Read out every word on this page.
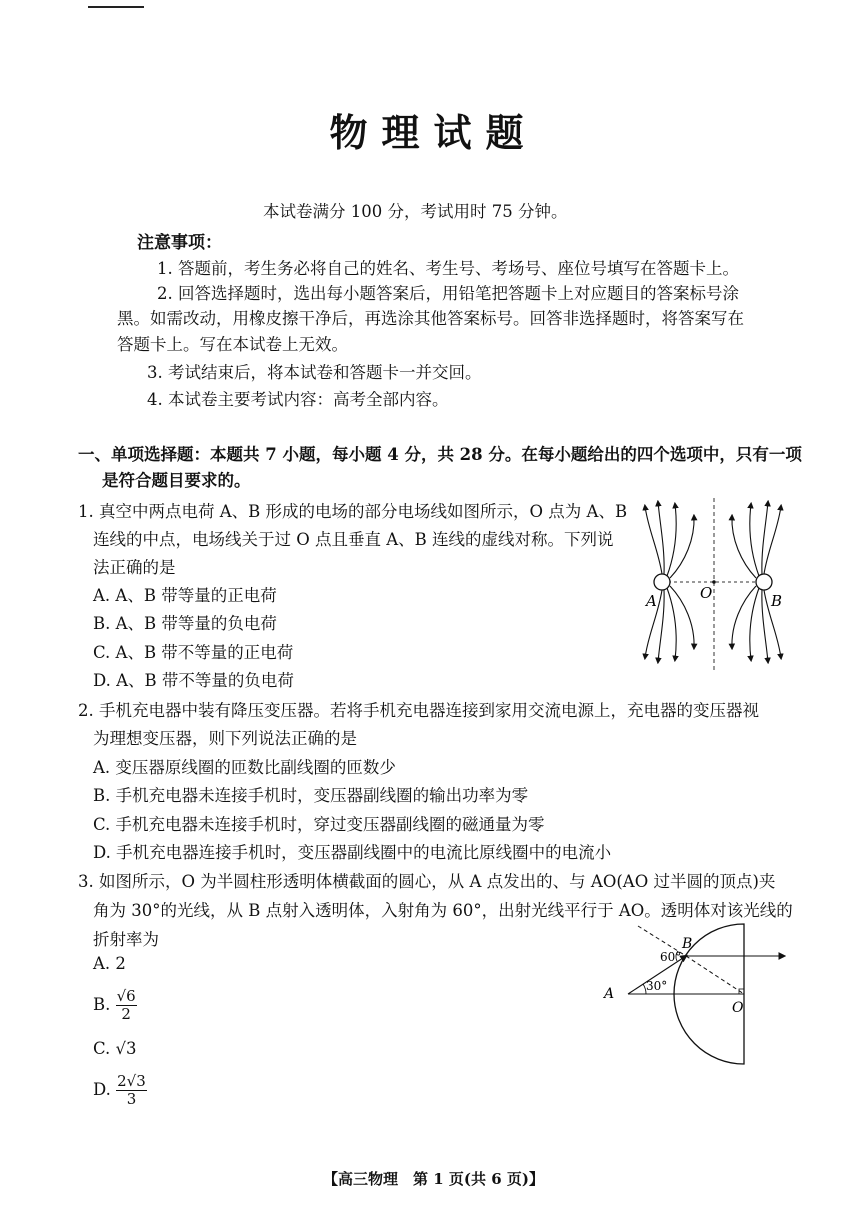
物理试题
本试卷满分 100 分，考试用时 75 分钟。
注意事项：
1. 答题前，考生务必将自己的姓名、考生号、考场号、座位号填写在答题卡上。
2. 回答选择题时，选出每小题答案后，用铅笔把答题卡上对应题目的答案标号涂
黑。如需改动，用橡皮擦干净后，再选涂其他答案标号。回答非选择题时，将答案写在
答题卡上。写在本试卷上无效。
3. 考试结束后，将本试卷和答题卡一并交回。
4. 本试卷主要考试内容：高考全部内容。
一、单项选择题：本题共 7 小题，每小题 4 分，共 28 分。在每小题给出的四个选项中，只有一项
是符合题目要求的。
1. 真空中两点电荷 A、B 形成的电场的部分电场线如图所示，O 点为 A、B
连线的中点，电场线关于过 O 点且垂直 A、B 连线的虚线对称。下列说
法正确的是
A. A、B 带等量的正电荷
B. A、B 带等量的负电荷
C. A、B 带不等量的正电荷
D. A、B 带不等量的负电荷
A	O	B
2. 手机充电器中装有降压变压器。若将手机充电器连接到家用交流电源上，充电器的变压器视
为理想变压器，则下列说法正确的是
A. 变压器原线圈的匝数比副线圈的匝数少
B. 手机充电器未连接手机时，变压器副线圈的输出功率为零
C. 手机充电器未连接手机时，穿过变压器副线圈的磁通量为零
D. 手机充电器连接手机时，变压器副线圈中的电流比原线圈中的电流小
3. 如图所示，O 为半圆柱形透明体横截面的圆心，从 A 点发出的、与 AO(AO 过半圆的顶点)夹
角为 30°的光线，从 B 点射入透明体，入射角为 60°，出射光线平行于 AO。透明体对该光线的
折射率为
A. 2
B. $\frac{√6}{2}$
C. √3
D. $\frac{2√3}{3}$
B
60°
30°
A
O
【高三物理　第 1 页(共 6 页)】
